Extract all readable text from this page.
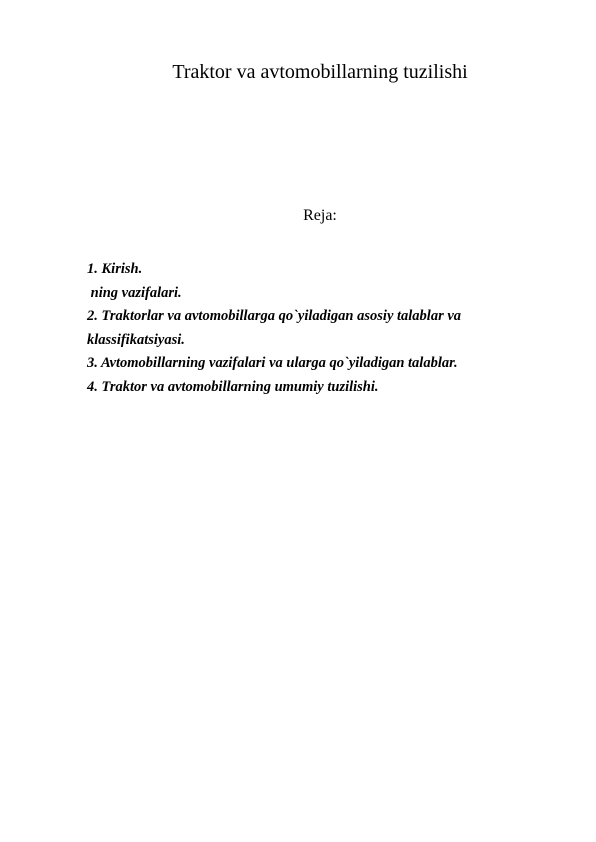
Traktor va avtomobillarning tuzilishi
Reja:
1. Kirish.
ning vazifalari.
2. Traktorlar va avtomobillarga qo`yiladigan asosiy talablar va
klassifikatsiyasi.
3. Avtomobillarning vazifalari va ularga qo`yiladigan talablar.
4. Traktor va avtomobillarning umumiy tuzilishi.
